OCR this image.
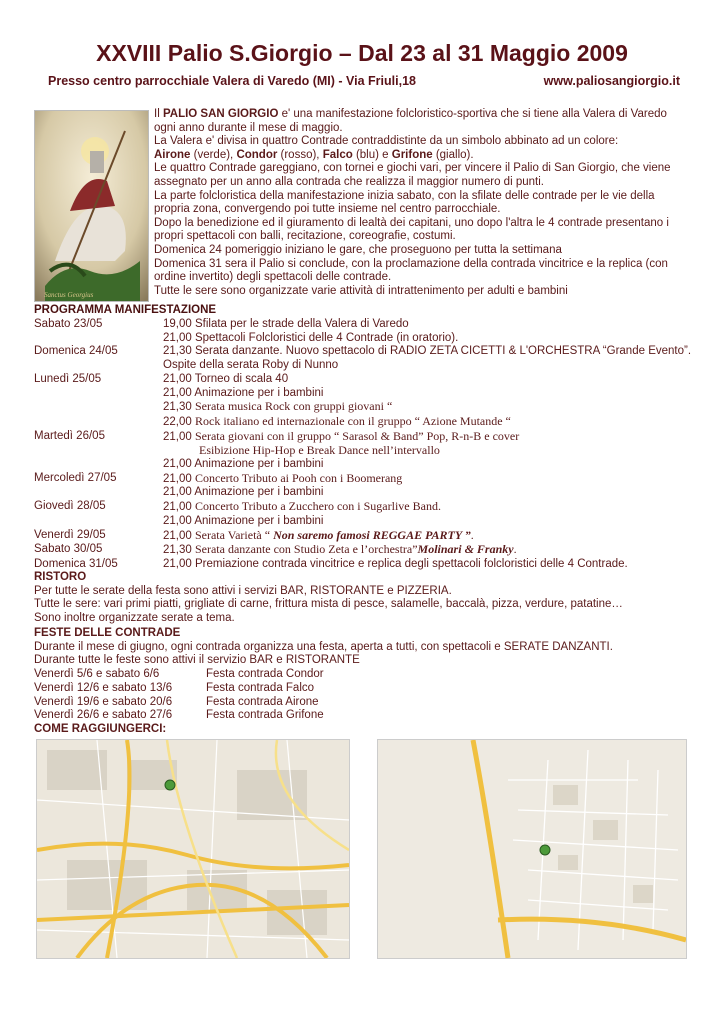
XXVIII Palio S.Giorgio – Dal 23 al 31 Maggio 2009
Presso centro parrocchiale Valera di Varedo (MI) - Via Friuli,18	www.paliosangiorgio.it
Sanctus Georgius

Il PALIO SAN GIORGIO e' una manifestazione folcloristico-sportiva che si tiene alla Valera di Varedo ogni anno durante il mese di maggio.

La Valera e' divisa in quattro Contrade contraddistinte da un simbolo abbinato ad un colore:

Airone (verde), Condor (rosso), Falco (blu) e Grifone (giallo).

Le quattro Contrade gareggiano, con tornei e giochi vari, per vincere il Palio di San Giorgio, che viene assegnato per un anno alla contrada che realizza il maggior numero di punti.

La parte folcloristica della manifestazione inizia sabato, con la sfilate delle contrade per le vie della propria zona, convergendo poi tutte insieme nel centro parrocchiale.

Dopo la benedizione ed il giuramento di lealtà dei capitani, uno dopo l'altra le 4 contrade presentano i propri spettacoli con balli, recitazione, coreografie, costumi.

Domenica 24 pomeriggio iniziano le gare, che proseguono per tutta la settimana

Domenica 31 sera il Palio si conclude, con la proclamazione della contrada vincitrice e la replica (con ordine invertito) degli spettacoli delle contrade.

Tutte le sere sono organizzate varie attività di intrattenimento per adulti e bambini

PROGRAMMA MANIFESTAZIONE
Sabato 23/05	19,00 Sfilata per le strade della Valera di Varedo
21,00 Spettacoli Folcloristici delle 4 Contrade (in oratorio).
Domenica 24/05	21,30 Serata danzante. Nuovo spettacolo di RADIO ZETA CICETTI & L'ORCHESTRA “Grande Evento”. Ospite della serata Roby di Nunno
Lunedì 25/05	21,00 Torneo di scala 40
21,00 Animazione per i bambini
21,30 Serata musica Rock con gruppi giovani “
22,00 Rock italiano ed internazionale con il gruppo “ Azione Mutande “
Martedì 26/05	21,00 Serata giovani con il gruppo “ Sarasol & Band” Pop, R-n-B e cover
Esibizione Hip-Hop e Break Dance nell’intervallo
21,00 Animazione per i bambini
Mercoledì 27/05	21,00 Concerto Tributo ai Pooh con i Boomerang
21,00 Animazione per i bambini
Giovedì 28/05	21,00 Concerto Tributo a Zucchero con i Sugarlive Band.
21,00 Animazione per i bambini
Venerdì 29/05	21,00 Serata Varietà “ Non saremo famosi REGGAE PARTY ”.
Sabato 30/05	21,30 Serata danzante con Studio Zeta e l’orchestra”Molinari & Franky.
Domenica 31/05	21,00 Premiazione contrada vincitrice e replica degli spettacoli folcloristici delle 4 Contrade.

RISTORO

Per tutte le serate della festa sono attivi i servizi BAR, RISTORANTE e PIZZERIA.

Tutte le sere: vari primi piatti, grigliate di carne, frittura mista di pesce, salamelle, baccalà, pizza, verdure, patatine…

Sono inoltre organizzate serate a tema.

FESTE DELLE CONTRADE

Durante il mese di giugno, ogni contrada organizza una festa, aperta a tutti, con spettacoli e SERATE DANZANTI.

Durante tutte le feste sono attivi il servizio BAR e RISTORANTE

Venerdì 5/6 e sabato 6/6	Festa contrada Condor
Venerdì 12/6 e sabato 13/6	Festa contrada Falco
Venerdì 19/6 e sabato 20/6	Festa contrada Airone
Venerdì 26/6 e sabato 27/6	Festa contrada Grifone

COME RAGGIUNGERCI:
